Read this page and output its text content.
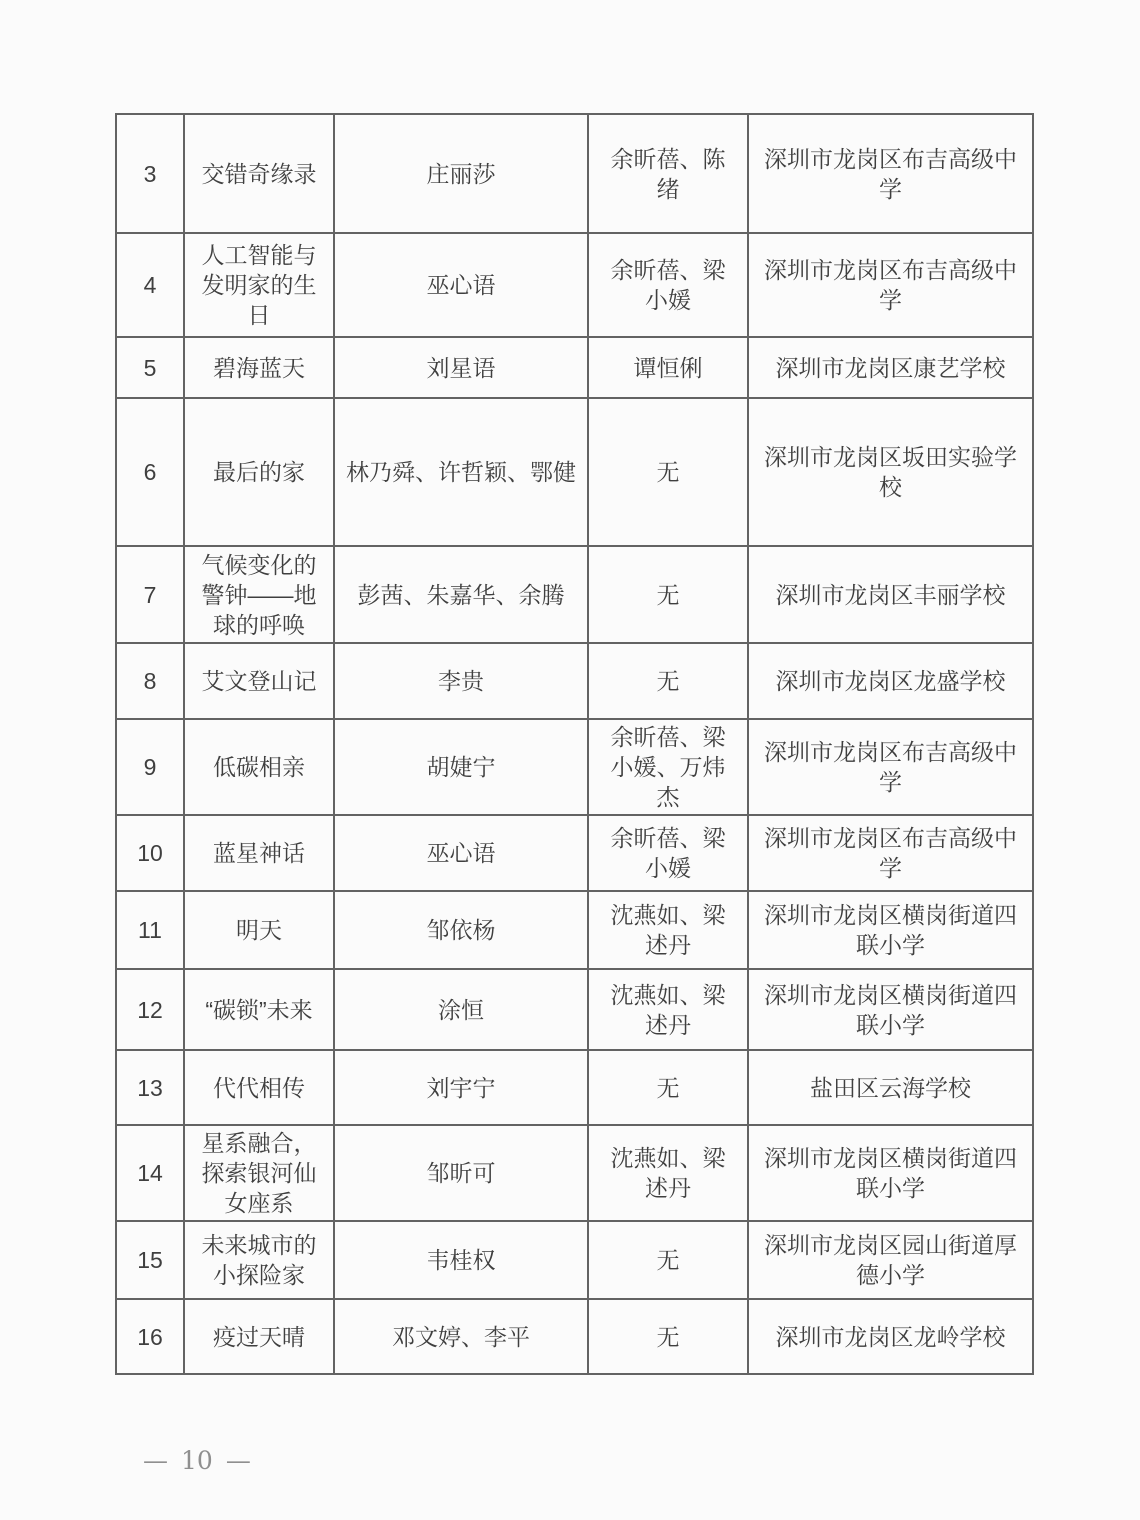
3	交错奇缘录	庄丽莎	余昕蓓、陈绪	深圳市龙岗区布吉高级中学
4	人工智能与发明家的生日	巫心语	余昕蓓、梁小媛	深圳市龙岗区布吉高级中学
5	碧海蓝天	刘星语	谭恒俐	深圳市龙岗区康艺学校
6	最后的家	林乃舜、许哲颖、鄂健	无	深圳市龙岗区坂田实验学校
7	气候变化的警钟——地球的呼唤	彭茜、朱嘉华、余腾	无	深圳市龙岗区丰丽学校
8	艾文登山记	李贵	无	深圳市龙岗区龙盛学校
9	低碳相亲	胡婕宁	余昕蓓、梁小媛、万炜杰	深圳市龙岗区布吉高级中学
10	蓝星神话	巫心语	余昕蓓、梁小媛	深圳市龙岗区布吉高级中学
11	明天	邹依杨	沈燕如、梁述丹	深圳市龙岗区横岗街道四联小学
12	“碳锁”未来	涂恒	沈燕如、梁述丹	深圳市龙岗区横岗街道四联小学
13	代代相传	刘宇宁	无	盐田区云海学校
14	星系融合，探索银河仙女座系	邹昕可	沈燕如、梁述丹	深圳市龙岗区横岗街道四联小学
15	未来城市的小探险家	韦桂权	无	深圳市龙岗区园山街道厚德小学
16	疫过天晴	邓文婷、李平	无	深圳市龙岗区龙岭学校
— 10 —
